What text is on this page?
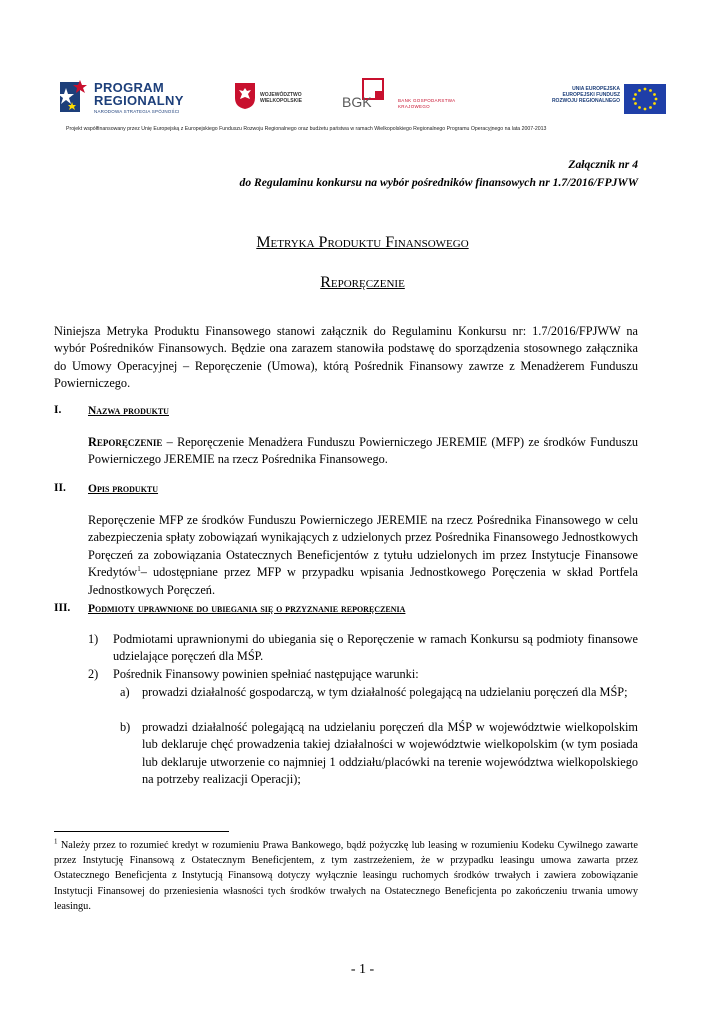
PROGRAM
REGIONALNY
NARODOWA STRATEGIA SPÓJNOŚCI
WOJEWÓDZTWO
WIELKOPOLSKIE	BGK	BANK GOSPODARSTWA
KRAJOWEGO
UNIA EUROPEJSKA
EUROPEJSKI FUNDUSZ
ROZWOJU REGIONALNEGO
Projekt współfinansowany przez Unię Europejską z Europejskiego Funduszu Rozwoju Regionalnego oraz budżetu państwa w ramach Wielkopolskiego Regionalnego Programu Operacyjnego na lata 2007-2013
Załącznik nr 4
do Regulaminu konkursu na wybór pośredników finansowych nr 1.7/2016/FPJWW
Metryka Produktu Finansowego
Reporęczenie
Niniejsza Metryka Produktu Finansowego stanowi załącznik do Regulaminu Konkursu nr: 1.7/2016/FPJWW na wybór Pośredników Finansowych. Będzie ona zarazem stanowiła podstawę do sporządzenia stosownego załącznika do Umowy Operacyjnej – Reporęczenie (Umowa), którą Pośrednik Finansowy zawrze z Menadżerem Funduszu Powierniczego.
I. Nazwa produktu
Reporęczenie – Reporęczenie Menadżera Funduszu Powierniczego JEREMIE (MFP) ze środków Funduszu Powierniczego JEREMIE na rzecz Pośrednika Finansowego.
II. Opis produktu
Reporęczenie MFP ze środków Funduszu Powierniczego JEREMIE na rzecz Pośrednika Finansowego w celu zabezpieczenia spłaty zobowiązań wynikających z udzielonych przez Pośrednika Finansowego Jednostkowych Poręczeń za zobowiązania Ostatecznych Beneficjentów z tytułu udzielonych im przez Instytucje Finansowe Kredytów$^1$– udostępniane przez MFP w przypadku wpisania Jednostkowego Poręczenia w skład Portfela Jednostkowych Poręczeń.
III. Podmioty uprawnione do ubiegania się o przyznanie reporęczenia
1) Podmiotami uprawnionymi do ubiegania się o Reporęczenie w ramach Konkursu są podmioty finansowe udzielające poręczeń dla MŚP.
2) Pośrednik Finansowy powinien spełniać następujące warunki:
a) prowadzi działalność gospodarczą, w tym działalność polegającą na udzielaniu poręczeń dla MŚP;
b) prowadzi działalność polegającą na udzielaniu poręczeń dla MŚP w województwie wielkopolskim lub deklaruje chęć prowadzenia takiej działalności w województwie wielkopolskim (w tym posiada lub deklaruje utworzenie co najmniej 1 oddziału/placówki na terenie województwa wielkopolskiego na potrzeby realizacji Operacji);
$^1$ Należy przez to rozumieć kredyt w rozumieniu Prawa Bankowego, bądź pożyczkę lub leasing w rozumieniu Kodeku Cywilnego zawarte przez Instytucję Finansową z Ostatecznym Beneficjentem, z tym zastrzeżeniem, że w przypadku leasingu umowa zawarta przez Ostatecznego Beneficjenta z Instytucją Finansową dotyczy wyłącznie leasingu ruchomych środków trwałych i zawiera zobowiązanie Instytucji Finansowej do przeniesienia własności tych środków trwałych na Ostatecznego Beneficjenta po zakończeniu trwania umowy leasingu.
- 1 -
